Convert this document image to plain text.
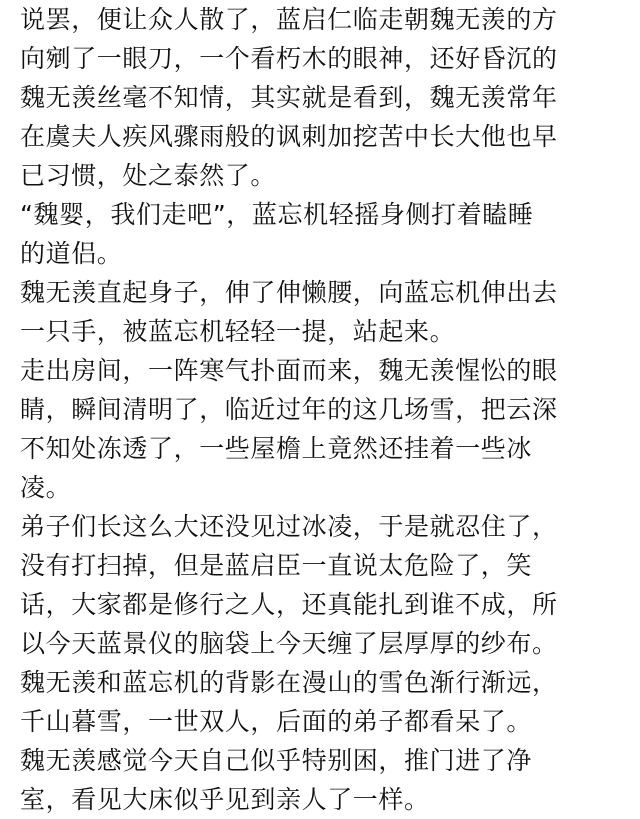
说罢，便让众人散了，蓝启仁临走朝魏无羡的方
向剜了一眼刀，一个看朽木的眼神，还好昏沉的
魏无羡丝毫不知情，其实就是看到，魏无羡常年
在虞夫人疾风骤雨般的讽刺加挖苦中长大他也早
已习惯，处之泰然了。

“魏婴，我们走吧”，蓝忘机轻摇身侧打着瞌睡
的道侣。

魏无羡直起身子，伸了伸懒腰，向蓝忘机伸出去
一只手，被蓝忘机轻轻一提，站起来。

走出房间，一阵寒气扑面而来，魏无羡惺忪的眼
睛，瞬间清明了，临近过年的这几场雪，把云深
不知处冻透了，一些屋檐上竟然还挂着一些冰
凌。

弟子们长这么大还没见过冰凌，于是就忍住了，
没有打扫掉，但是蓝启臣一直说太危险了，笑
话，大家都是修行之人，还真能扎到谁不成，所
以今天蓝景仪的脑袋上今天缠了层厚厚的纱布。

魏无羡和蓝忘机的背影在漫山的雪色渐行渐远，
千山暮雪，一世双人，后面的弟子都看呆了。

魏无羡感觉今天自己似乎特别困，推门进了净
室，看见大床似乎见到亲人了一样。
